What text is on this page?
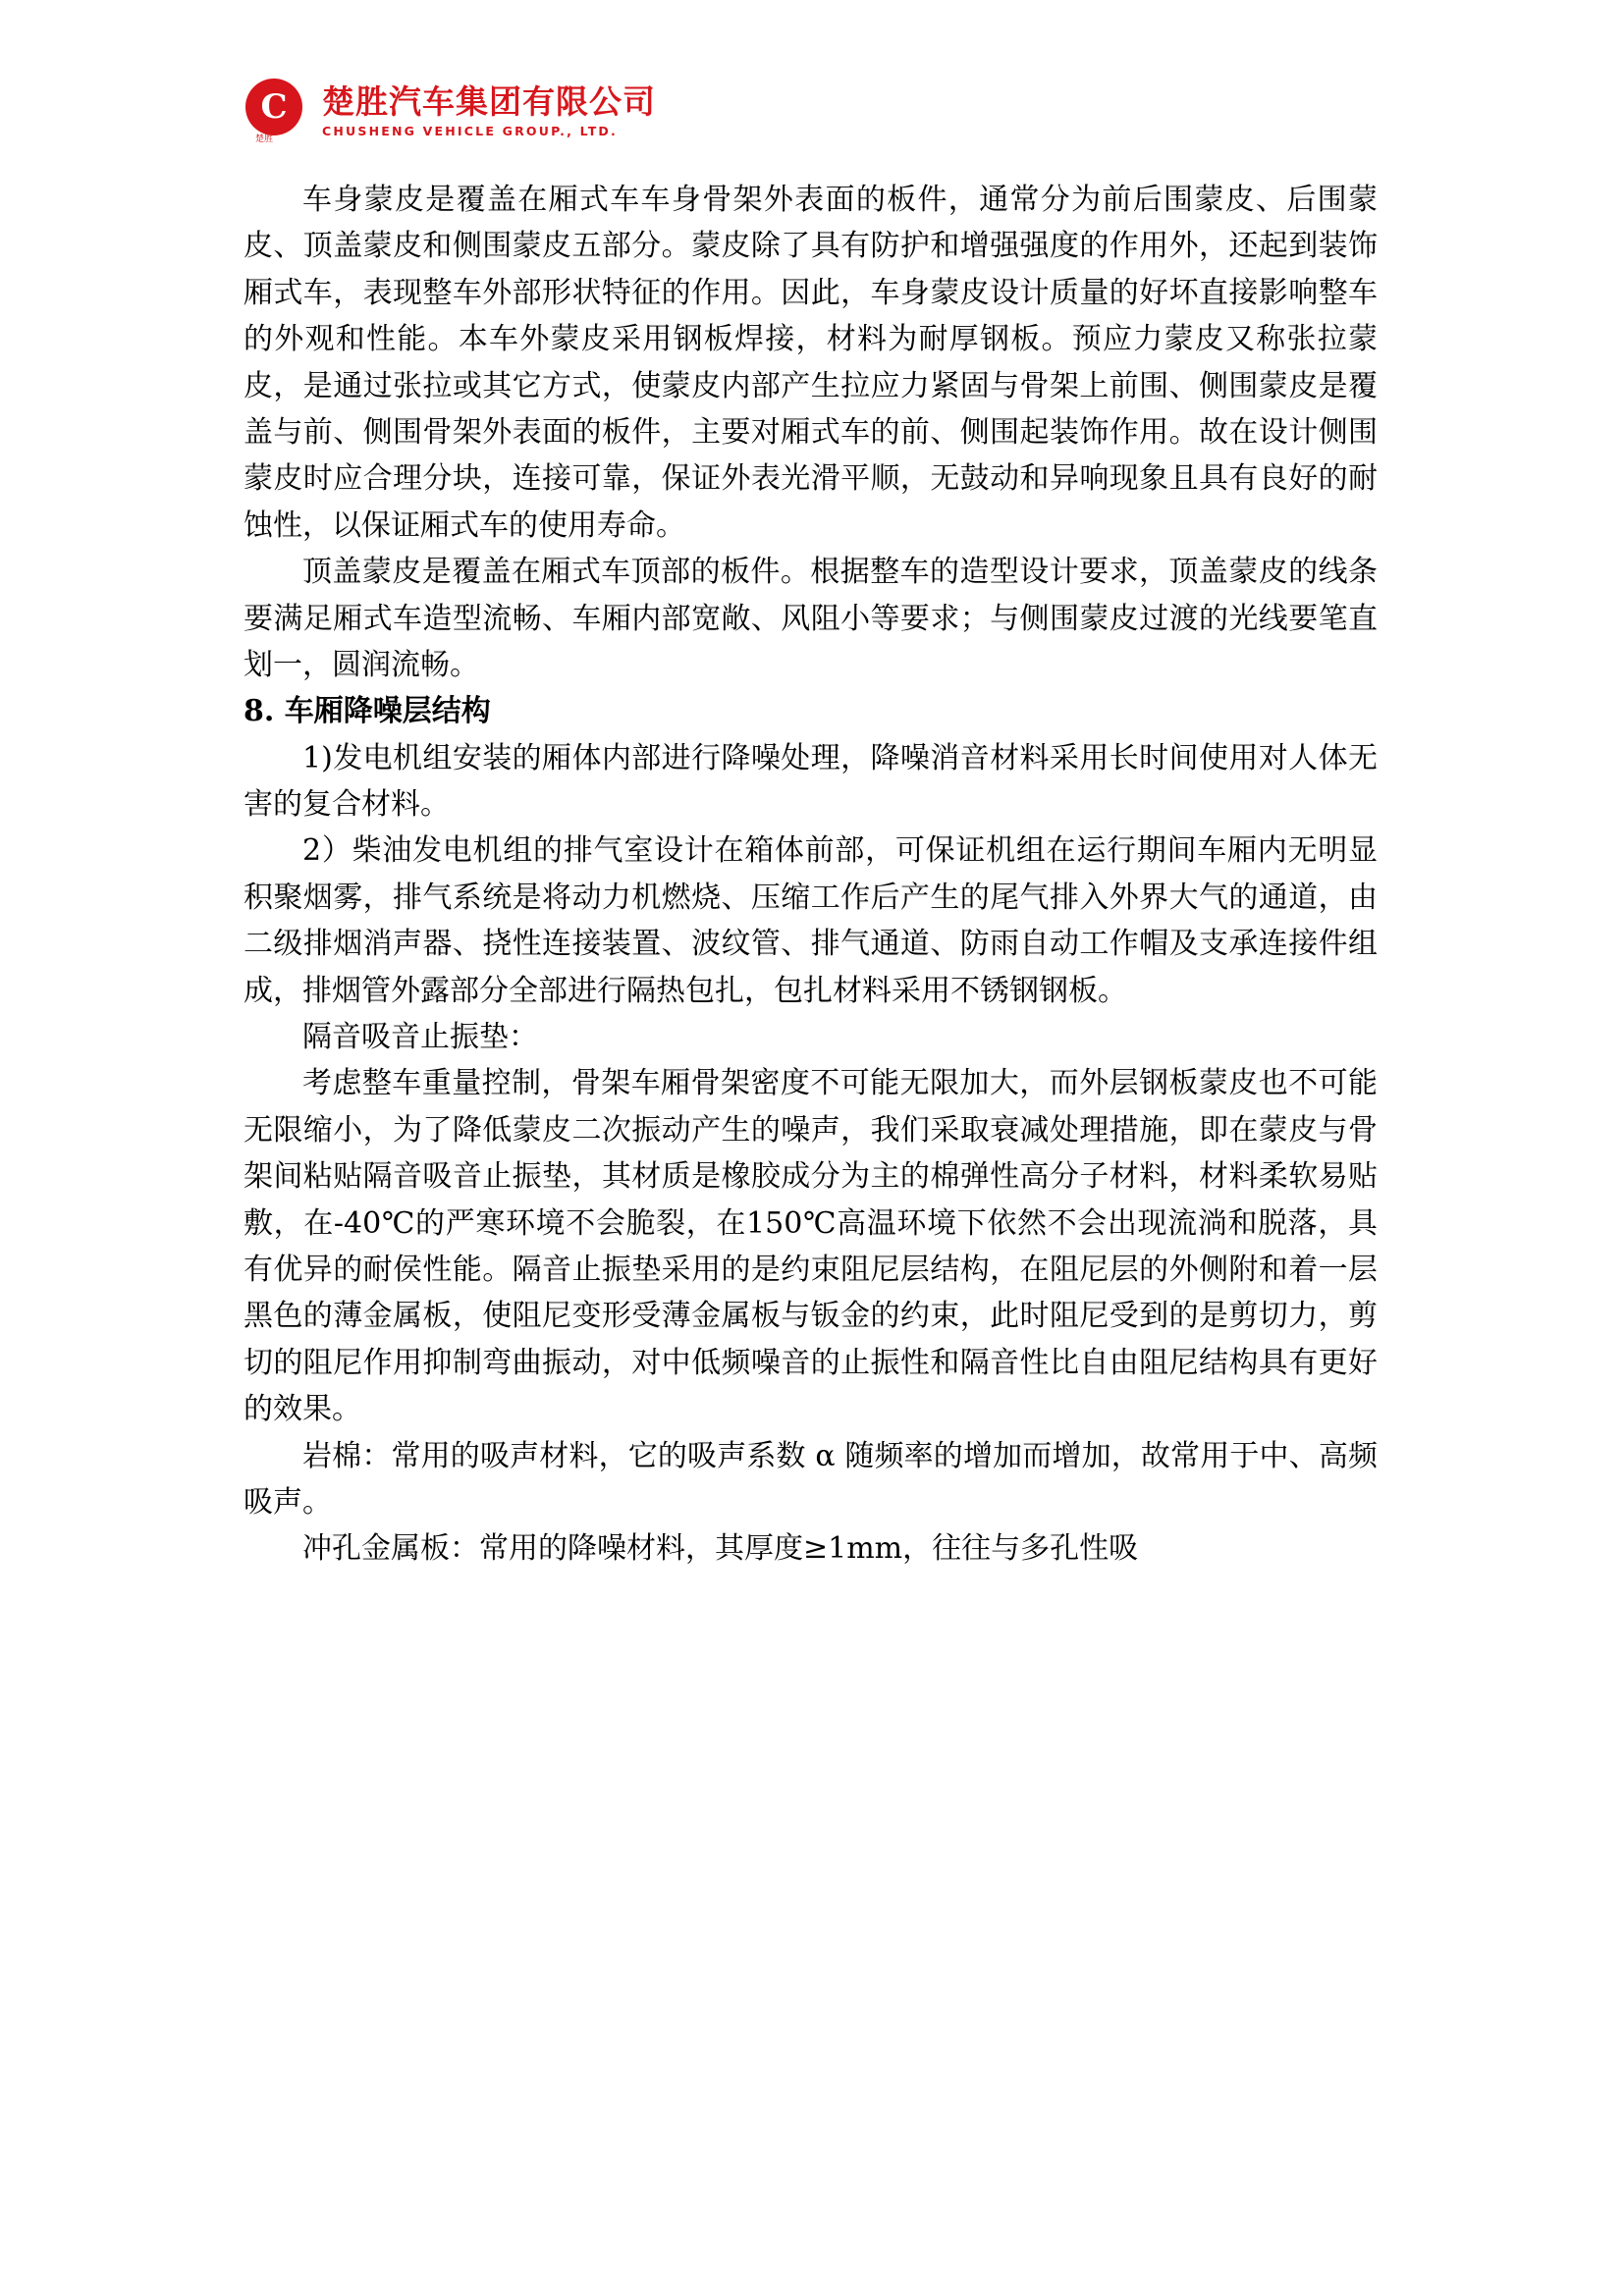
C
楚胜
楚胜汽车集团有限公司
CHUSHENG VEHICLE GROUP., LTD.

车身蒙皮是覆盖在厢式车车身骨架外表面的板件，通常分为前后围蒙皮、后围蒙皮、顶盖蒙皮和侧围蒙皮五部分。蒙皮除了具有防护和增强强度的作用外，还起到装饰厢式车，表现整车外部形状特征的作用。因此，车身蒙皮设计质量的好坏直接影响整车的外观和性能。本车外蒙皮采用钢板焊接，材料为耐厚钢板。预应力蒙皮又称张拉蒙皮，是通过张拉或其它方式，使蒙皮内部产生拉应力紧固与骨架上前围、侧围蒙皮是覆盖与前、侧围骨架外表面的板件，主要对厢式车的前、侧围起装饰作用。故在设计侧围蒙皮时应合理分块，连接可靠，保证外表光滑平顺，无鼓动和异响现象且具有良好的耐蚀性，以保证厢式车的使用寿命。

顶盖蒙皮是覆盖在厢式车顶部的板件。根据整车的造型设计要求，顶盖蒙皮的线条要满足厢式车造型流畅、车厢内部宽敞、风阻小等要求；与侧围蒙皮过渡的光线要笔直划一，圆润流畅。

8. 车厢降噪层结构

1)发电机组安装的厢体内部进行降噪处理，降噪消音材料采用长时间使用对人体无害的复合材料。

2）柴油发电机组的排气室设计在箱体前部，可保证机组在运行期间车厢内无明显积聚烟雾，排气系统是将动力机燃烧、压缩工作后产生的尾气排入外界大气的通道，由二级排烟消声器、挠性连接装置、波纹管、排气通道、防雨自动工作帽及支承连接件组成，排烟管外露部分全部进行隔热包扎，包扎材料采用不锈钢钢板。

隔音吸音止振垫：

考虑整车重量控制，骨架车厢骨架密度不可能无限加大，而外层钢板蒙皮也不可能无限缩小，为了降低蒙皮二次振动产生的噪声，我们采取衰减处理措施，即在蒙皮与骨架间粘贴隔音吸音止振垫，其材质是橡胶成分为主的棉弹性高分子材料，材料柔软易贴敷，在-40℃的严寒环境不会脆裂，在150℃高温环境下依然不会出现流淌和脱落，具有优异的耐侯性能。隔音止振垫采用的是约束阻尼层结构，在阻尼层的外侧附和着一层黑色的薄金属板，使阻尼变形受薄金属板与钣金的约束，此时阻尼受到的是剪切力，剪切的阻尼作用抑制弯曲振动，对中低频噪音的止振性和隔音性比自由阻尼结构具有更好的效果。

岩棉：常用的吸声材料，它的吸声系数 α 随频率的增加而增加，故常用于中、高频吸声。

冲孔金属板：常用的降噪材料，其厚度≥1mm，往往与多孔性吸
